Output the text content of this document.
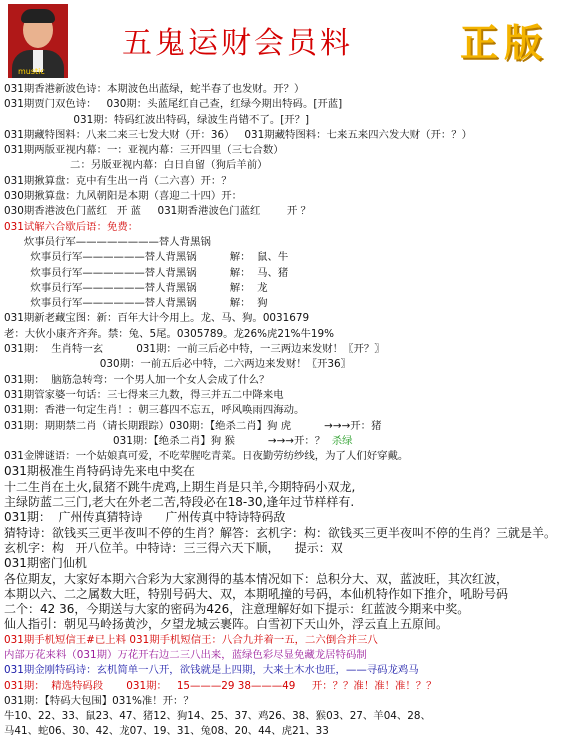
mustic
五鬼运财会员料	正版
031期香港新波色诗：本期波色出蓝绿，蛇半春了也发财。开？）
031期贾门双色诗：   030期：头蓝尾红自己查，红绿今期出特码。[开蓝]
031期：特码红波出特码，绿波生肖错不了。[开？]
031期藏特图料：八来二来三七发大财（开：36）   031期藏特图料：七来五来四六发大财（开：？）
031期两版亚视内幕：一：亚视内幕：三开四里（三七合数）
二：另版亚视内幕：白日自留（狗后羊前）
031期揪算盘：克中有生出一肖（二六喜）开：？
030期揪算盘：九风朝阳是本期（喜迎二十四）开：
030期香港波色门蓝红   开 蓝     031期香港波色门蓝红        开 ？
031试解六合歇后语：免费：
炊事员行军————————替人背黑锅
炊事员行军——————替人背黑锅          解：  鼠、牛
炊事员行军——————替人背黑锅          解：  马、猪
炊事员行军——————替人背黑锅          解：  龙
炊事员行军——————替人背黑锅          解：  狗
031期新老藏宝图：新：百年大计今用上。龙、马、狗。0031679
老：大伙小康齐齐奔。禁：兔、5尾。0305789。龙26%虎21%牛19%
031期：  生肖特一玄          031期：一前三后必中特，一三两边来发财！〖开？〗
030期：一前五后必中特，二六两边来发财！〖开36〗
031期：  脑筋急转弯：一个男人加一个女人会成了什么？
031期管家婆一句话：三七得来三九数，得三并五二中降来电
031期：香港一句定生肖！：朝三暮四不忘五，呼风唤雨四海动。
031期：期期禁二肖（请长期跟踪）030期：【绝杀二肖】狗 虎          →→→开：猪
031期：【绝杀二肖】狗 猴          →→→开：？  杀绿
031金牌谜语：一个姑娘真可爱，不吃荤腥吃青菜。日夜勤劳纺纱线，为了人们好穿戴。
031期极准生肖特码诗先来电中奖在
十二生肖在土火,鼠猪不跳牛虎鸡,上期生肖是只羊,今期特码小双龙,
主绿防蓝二三门,老大在外老二苦,特段必在18-30,逢年过节样样有.
031期：  广州传真猜特诗      广州传真中特诗特码敌
猜特诗：欲钱买三更半夜叫不停的生肖？解答：玄机字：构：欲钱买三更半夜叫不停的生肖？三就是羊。
玄机字：构   开八位羊。中特诗：三三得六天下顺，    提示：双
031期密门仙机
各位期友，大家好本期六合彩为大家测得的基本情况如下：总积分大、双，蓝波旺，其次红波，
本期以六、二之属数大旺，特别号码大、双，本期吼撞的号码，本仙机特作如下推介，吼盼号码
二个：42 36，今期送与大家的密码为426，注意理解好如下提示：红蓝波今期来中奖。
仙人指引：朝见马岭扬黄沙，夕望龙城云裹阵。白雪初下天山外，浮云直上五原间。
031期手机短信王#已上料 031期手机短信王：八合九并着一五，二六倒合并三八
内部万花来料（031期）万花开右边二三八出来，蓝绿色彩尽显免藏龙居特码制
031期金刚特码诗：玄机简单一八开，欲钱就是上四期，大来土木水也旺，——寻码龙鸡马
031期：  精选特码段       031期：   15———29 38———49     开：？？准！准！准！？？
031期：【特码大包围】031%准！开：？
牛10、22、33、鼠23、47、猪12、狗14、25、37、鸡26、38、猴03、27、羊04、28、
马41、蛇06、30、42、龙07、19、31、兔08、20、44、虎21、33
